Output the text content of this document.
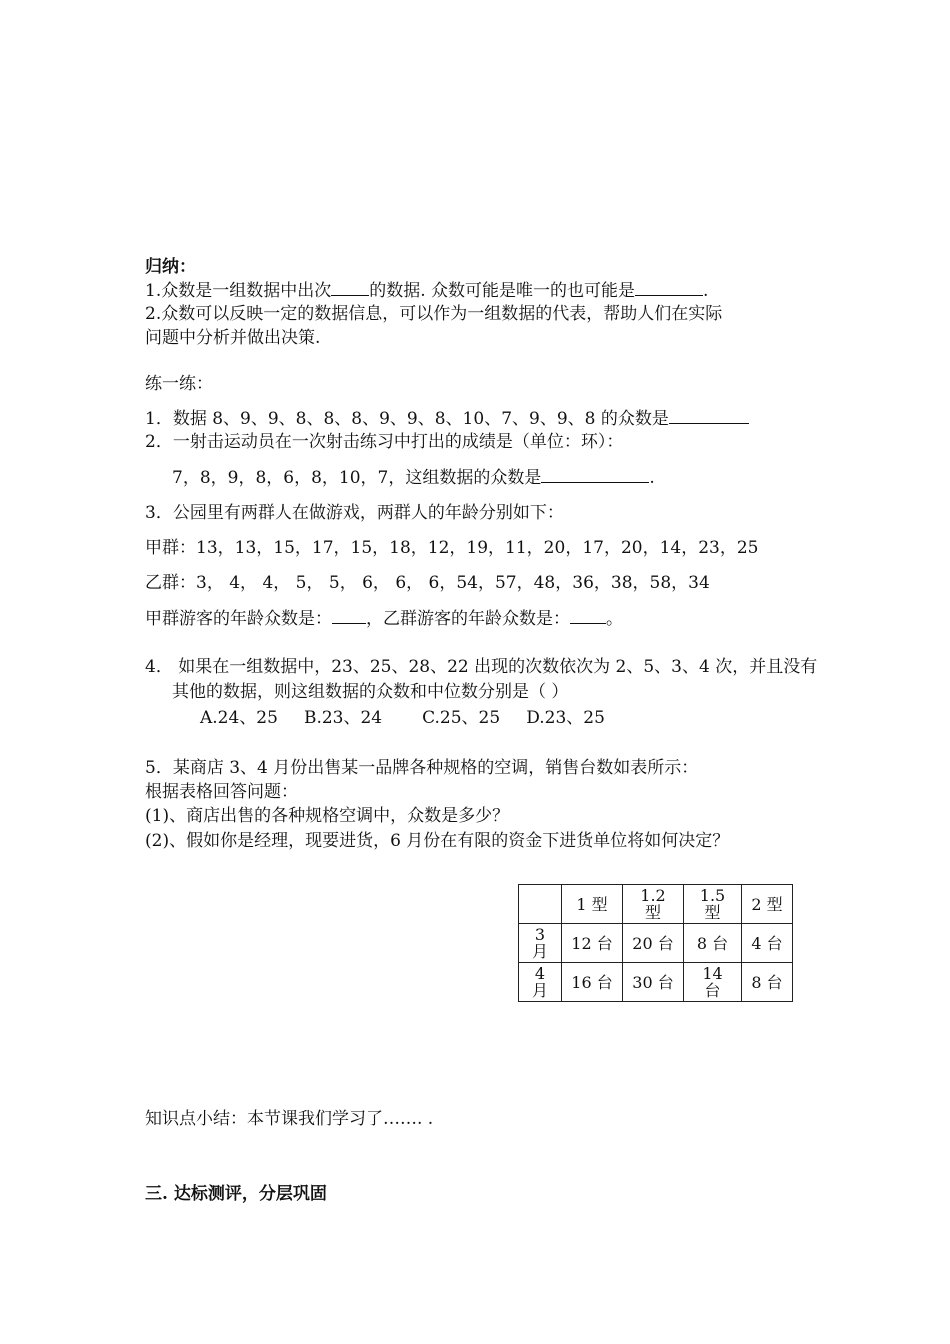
归纳：
1.众数是一组数据中出次 的数据. 众数可能是唯一的也可能是	.
2.众数可以反映一定的数据信息，可以作为一组数据的代表，帮助人们在实际
问题中分析并做出决策.
练一练：
1．数据 8、9、9、8、8、8、9、9、8、10、7、9、9、8 的众数是
2．一射击运动员在一次射击练习中打出的成绩是（单位：环）：
7，8，9，8，6，8，10，7，这组数据的众数是	.
3．公园里有两群人在做游戏，两群人的年龄分别如下：
甲群：13，13，15，17，15，18，12，19，11，20，17，20，14，23，25
乙群：3， 4， 4， 5， 5， 6， 6， 6，54，57，48，36，38，58，34
甲群游客的年龄众数是： ，乙群游客的年龄众数是： 。
4． 如果在一组数据中，23、25、28、22 出现的次数依次为 2、5、3、4 次，并且没有
其他的数据，则这组数据的众数和中位数分别是（ ）
A.24、25 B.23、24 C.25、25 D.23、25
5．某商店 3、4 月份出售某一品牌各种规格的空调，销售台数如表所示：
根据表格回答问题：
(1)、商店出售的各种规格空调中，众数是多少？
(2)、假如你是经理，现要进货，6 月份在有限的资金下进货单位将如何决定？
	1 型	1.2 型	1.5 型	2 型

3 月	12 台	20 台	8 台	4 台

4 月	16 台	30 台	14 台	8 台
知识点小结：本节课我们学习了……. .
三. 达标测评，分层巩固
